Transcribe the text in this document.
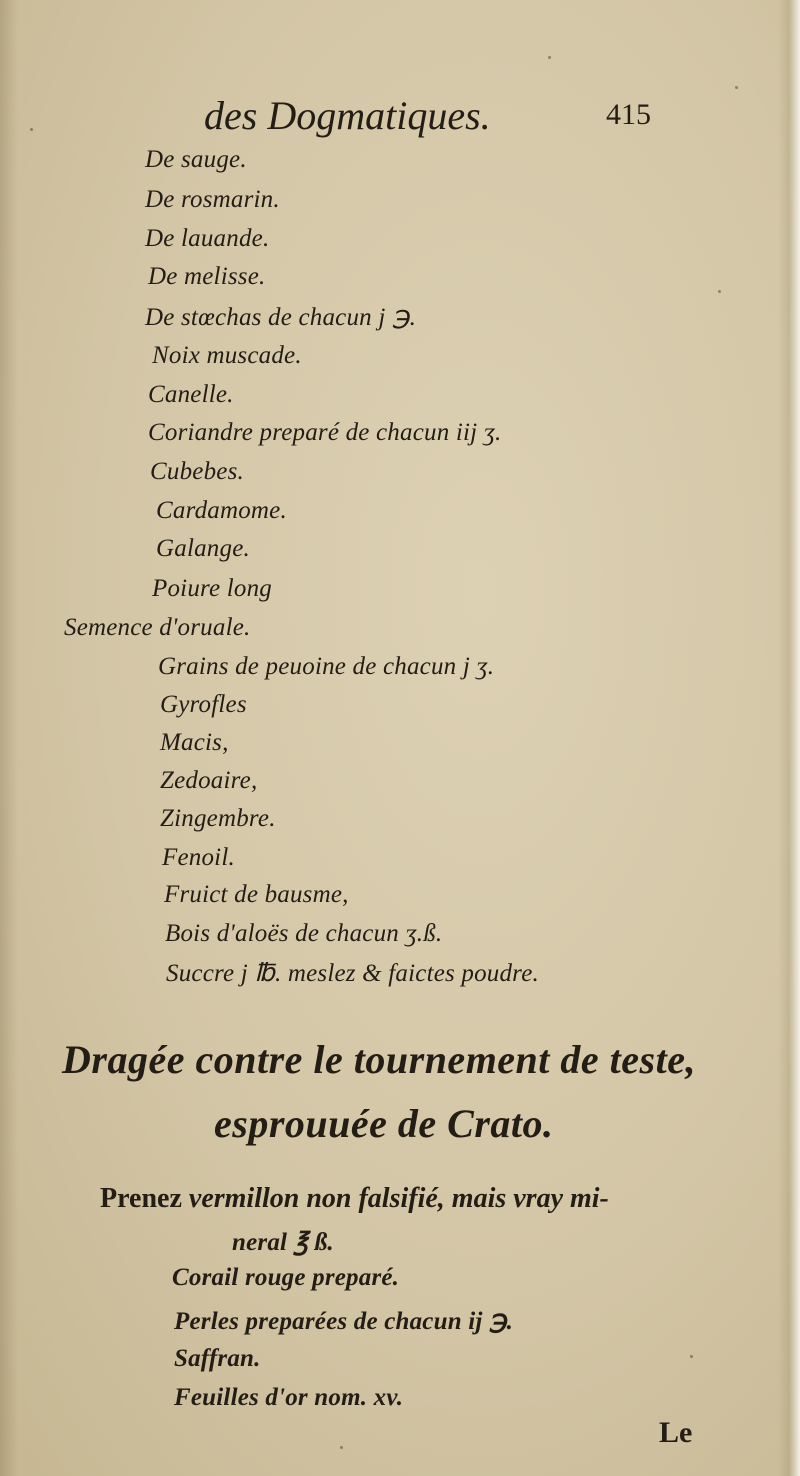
des Dogmatiques.	415
De sauge.
De rosmarin.
De lauande.
De melisse.
De stœchas de chacun j ℈.
Noix muscade.
Canelle.
Coriandre preparé de chacun iij ʒ.
Cubebes.
Cardamome.
Galange.
Poiure long
Semence d'oruale.
Grains de peuoine de chacun j ʒ.
Gyrofles
Macis,
Zedoaire,
Zingembre.
Fenoil.
Fruict de bausme,
Bois d'aloës de chacun ʒ.ß.
Succre j ℔. meslez & faictes poudre.
Dragée contre le tournement de teste,
esprouuée de Crato.
Prenez vermillon non falsifié, mais vray mi-
neral ℥ ß.
Corail rouge preparé.
Perles preparées de chacun ij ℈.
Saffran.
Feuilles d'or nom. xv.
Le
